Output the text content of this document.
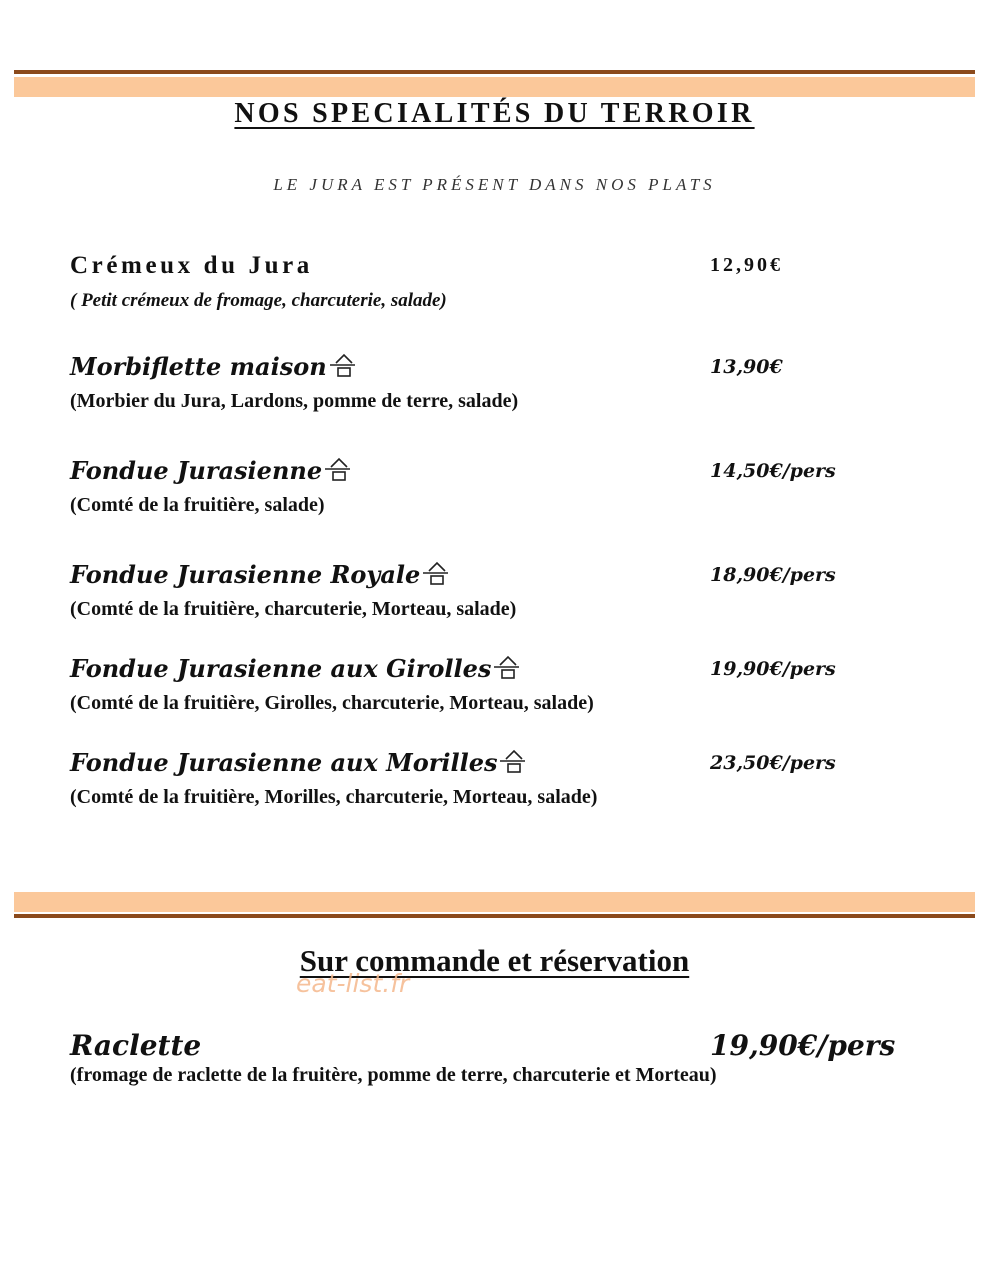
NOS SPECIALITÉS DU TERROIR
LE JURA EST PRÉSENT DANS NOS PLATS
Crémeux du Jura	12,90€
( Petit crémeux de fromage, charcuterie, salade)
Morbiflette maison	13,90€
(Morbier du Jura, Lardons, pomme de terre, salade)
Fondue Jurasienne	14,50€/pers
(Comté de la fruitière, salade)
Fondue Jurasienne Royale	18,90€/pers
(Comté de la fruitière, charcuterie, Morteau, salade)
Fondue Jurasienne aux Girolles	19,90€/pers
(Comté de la fruitière, Girolles, charcuterie, Morteau, salade)
Fondue Jurasienne aux Morilles	23,50€/pers
(Comté de la fruitière, Morilles, charcuterie, Morteau, salade)
Sur commande et réservation
eat-list.fr
Raclette	19,90€/pers
(fromage de raclette de la fruitère, pomme de terre, charcuterie et Morteau)
